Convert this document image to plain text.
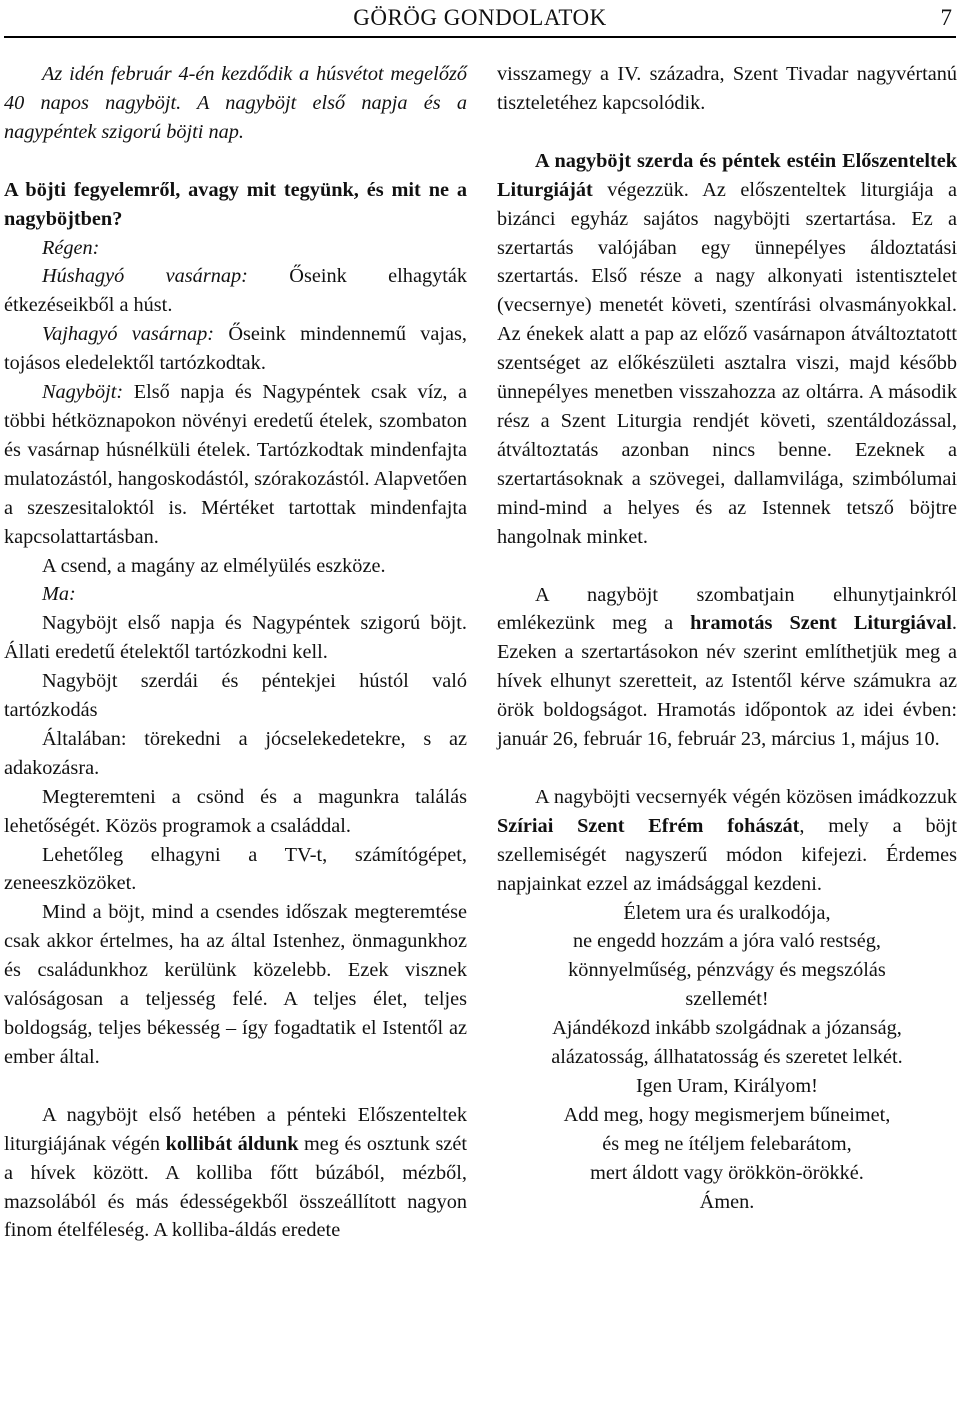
GÖRÖG GONDOLATOK	7

Az idén február 4-én kezdődik a húsvétot megelőző 40 napos nagyböjt. A nagyböjt első napja és a nagypéntek szigorú böjti nap.

A böjti fegyelemről, avagy mit tegyünk, és mit ne a nagyböjtben?

Régen:

Húshagyó vasárnap: Őseink elhagyták étkezéseikből a húst.

Vajhagyó vasárnap: Őseink mindennemű vajas, tojásos eledelektől tartózkodtak.

Nagyböjt: Első napja és Nagypéntek csak víz, a többi hétköznapokon növényi eredetű ételek, szombaton és vasárnap húsnélküli ételek. Tartózkodtak mindenfajta mulatozástól, hangoskodástól, szórakozástól. Alapvetően a szeszesitaloktól is. Mértéket tartottak mindenfajta kapcsolattartásban.

A csend, a magány az elmélyülés eszköze.

Ma:

Nagyböjt első napja és Nagypéntek szigorú böjt. Állati eredetű ételektől tartózkodni kell.

Nagyböjt szerdái és péntekjei hústól való tartózkodás

Általában: törekedni a jócselekedetekre, s az adakozásra.

Megteremteni a csönd és a magunkra találás lehetőségét. Közös programok a családdal.

Lehetőleg elhagyni a TV-t, számítógépet, zeneeszközöket.

Mind a böjt, mind a csendes időszak megteremtése csak akkor értelmes, ha az által Istenhez, önmagunkhoz és családunkhoz kerülünk közelebb. Ezek visznek valóságosan a teljesség felé. A teljes élet, teljes boldogság, teljes békesség – így fogadtatik el Istentől az ember által.

A nagyböjt első hetében a pénteki Előszenteltek liturgiájának végén kollibát áldunk meg és osztunk szét a hívek között. A kolliba főtt búzából, mézből, mazsolából és más édességekből összeállított nagyon finom ételféleség. A kolliba-áldás eredete

visszamegy a IV. századra, Szent Tivadar nagyvértanú tiszteletéhez kapcsolódik.

A nagyböjt szerda és péntek estéin Előszenteltek Liturgiáját végezzük. Az előszenteltek liturgiája a bizánci egyház sajátos nagyböjti szertartása. Ez a szertartás valójában egy ünnepélyes áldoztatási szertartás. Első része a nagy alkonyati istentisztelet (vecsernye) menetét követi, szentírási olvasmányokkal. Az énekek alatt a pap az előző vasárnapon átváltoztatott szentséget az előkészületi asztalra viszi, majd később ünnepélyes menetben visszahozza az oltárra. A második rész a Szent Liturgia rendjét követi, szentáldozással, átváltoztatás azonban nincs benne. Ezeknek a szertartásoknak a szövegei, dallamvilága, szimbólumai mind-mind a helyes és az Istennek tetsző böjtre hangolnak minket.

A nagyböjt szombatjain elhunytjainkról emlékezünk meg a hramotás Szent Liturgiával. Ezeken a szertartásokon név szerint említhetjük meg a hívek elhunyt szeretteit, az Istentől kérve számukra az örök boldogságot. Hramotás időpontok az idei évben: január 26, február 16, február 23, március 1, május 10.

A nagyböjti vecsernyék végén közösen imádkozzuk Szíriai Szent Efrém fohászát, mely a böjt szellemiségét nagyszerű módon kifejezi. Érdemes napjainkat ezzel az imádsággal kezdeni.

Életem ura és uralkodója,
ne engedd hozzám a jóra való restség,
könnyelműség, pénzvágy és megszólás
szellemét!
Ajándékozd inkább szolgádnak a józanság,
alázatosság, állhatatosság és szeretet lelkét.
Igen Uram, Királyom!
Add meg, hogy megismerjem bűneimet,
és meg ne ítéljem felebarátom,
mert áldott vagy örökkön-örökké.
Ámen.
